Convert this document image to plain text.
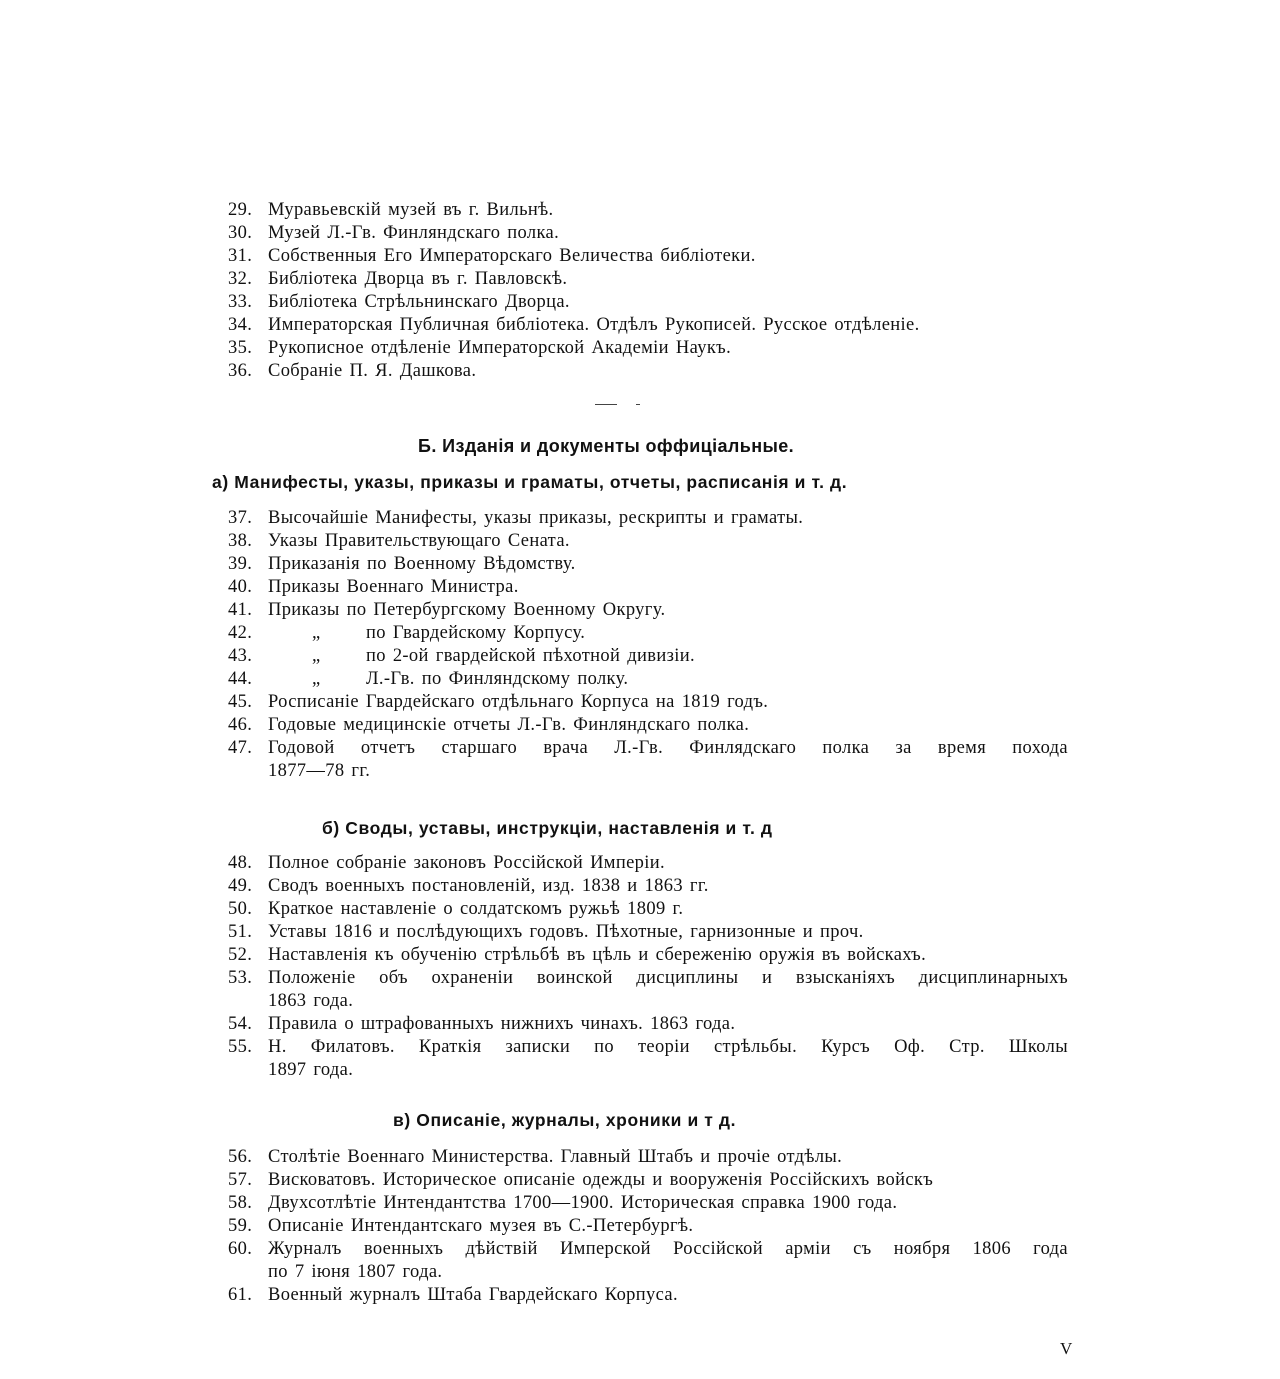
29. Муравьевскій музей въ г. Вильнѣ.
30. Музей Л.-Гв. Финляндскаго полка.
31. Собственныя Его Императорскаго Величества библіотеки.
32. Библіотека Дворца въ г. Павловскѣ.
33. Библіотека Стрѣльнинскаго Дворца.
34. Императорская Публичная библіотека. Отдѣлъ Рукописей. Русское отдѣленіе.
35. Рукописное отдѣленіе Императорской Академіи Наукъ.
36. Собраніе П. Я. Дашкова.
Б. Изданія и документы оффиціальные.
а) Манифесты, указы, приказы и граматы, отчеты, расписанія и т. д.
37. Высочайшіе Манифесты, указы приказы, рескрипты и граматы.
38. Указы Правительствующаго Сената.
39. Приказанія по Военному Вѣдомству.
40. Приказы Военнаго Министра.
41. Приказы по Петербургскому Военному Округу.
42.	„ по Гвардейскому Корпусу.
43.	„ по 2-ой гвардейской пѣхотной дивизіи.
44.	„ Л.-Гв. по Финляндскому полку.
45. Росписаніе Гвардейскаго отдѣльнаго Корпуса на 1819 годъ.
46. Годовые медицинскіе отчеты Л.-Гв. Финляндскаго полка.
47. Годовой отчетъ старшаго врача Л.-Гв. Финлядскаго полка за время похода
1877—78 гг.
б) Своды, уставы, инструкціи, наставленія и т. д
48. Полное собраніе законовъ Россійской Имперіи.
49. Сводъ военныхъ постановленій, изд. 1838 и 1863 гг.
50. Краткое наставленіе о солдатскомъ ружьѣ 1809 г.
51. Уставы 1816 и послѣдующихъ годовъ. Пѣхотные, гарнизонные и проч.
52. Наставленія къ обученію стрѣльбѣ въ цѣль и сбереженію оружія въ войскахъ.
53. Положеніе объ охраненіи воинской дисциплины и взысканіяхъ дисциплинарныхъ
1863 года.
54. Правила о штрафованныхъ нижнихъ чинахъ. 1863 года.
55. Н. Филатовъ. Краткія записки по теоріи стрѣльбы. Курсъ Оф. Стр. Школы
1897 года.
в) Описаніе, журналы, хроники и т д.
56. Столѣтіе Военнаго Министерства. Главный Штабъ и прочіе отдѣлы.
57. Висковатовъ. Историческое описаніе одежды и вооруженія Россійскихъ войскъ
58. Двухсотлѣтіе Интендантства 1700—1900. Историческая справка 1900 года.
59. Описаніе Интендантскаго музея въ С.-Петербургѣ.
60. Журналъ военныхъ дѣйствій Имперской Россійской арміи съ ноября 1806 года
по 7 іюня 1807 года.
61. Военный журналъ Штаба Гвардейскаго Корпуса.
V
